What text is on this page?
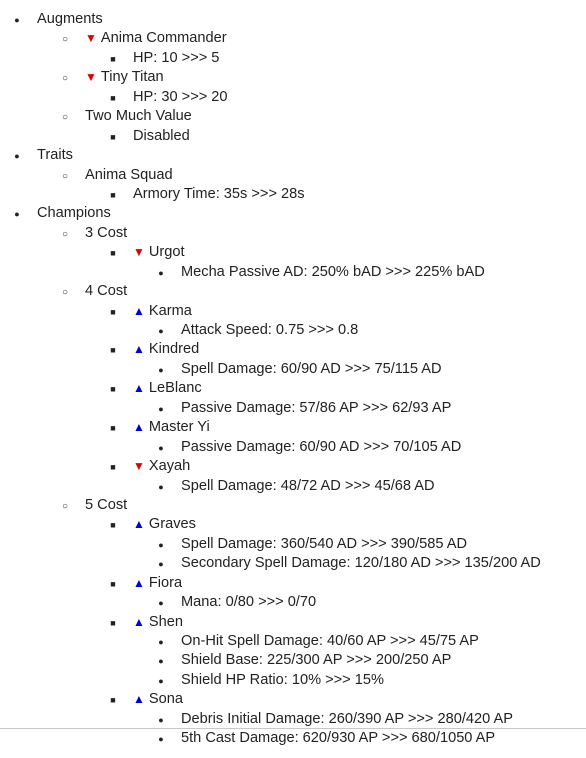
●
Augments
○
▼ Anima Commander
■
HP: 10 >>> 5
○
▼ Tiny Titan
■
HP: 30 >>> 20
○
Two Much Value
■
Disabled
●
Traits
○
Anima Squad
■
Armory Time: 35s >>> 28s
●
Champions
○
3 Cost
■
▼ Urgot
●
Mecha Passive AD: 250% bAD >>> 225% bAD
○
4 Cost
■
▲ Karma
●
Attack Speed: 0.75 >>> 0.8
■
▲ Kindred
●
Spell Damage: 60/90 AD >>> 75/115 AD
■
▲ LeBlanc
●
Passive Damage: 57/86 AP >>> 62/93 AP
■
▲ Master Yi
●
Passive Damage: 60/90 AD >>> 70/105 AD
■
▼ Xayah
●
Spell Damage: 48/72 AD >>> 45/68 AD
○
5 Cost
■
▲ Graves
●
Spell Damage: 360/540 AD >>> 390/585 AD
●
Secondary Spell Damage: 120/180 AD >>> 135/200 AD
■
▲ Fiora
●
Mana: 0/80 >>> 0/70
■
▲ Shen
●
On-Hit Spell Damage: 40/60 AP >>> 45/75 AP
●
Shield Base: 225/300 AP >>> 200/250 AP
●
Shield HP Ratio: 10% >>> 15%
■
▲ Sona
●
Debris Initial Damage: 260/390 AP >>> 280/420 AP
●
5th Cast Damage: 620/930 AP >>> 680/1050 AP
